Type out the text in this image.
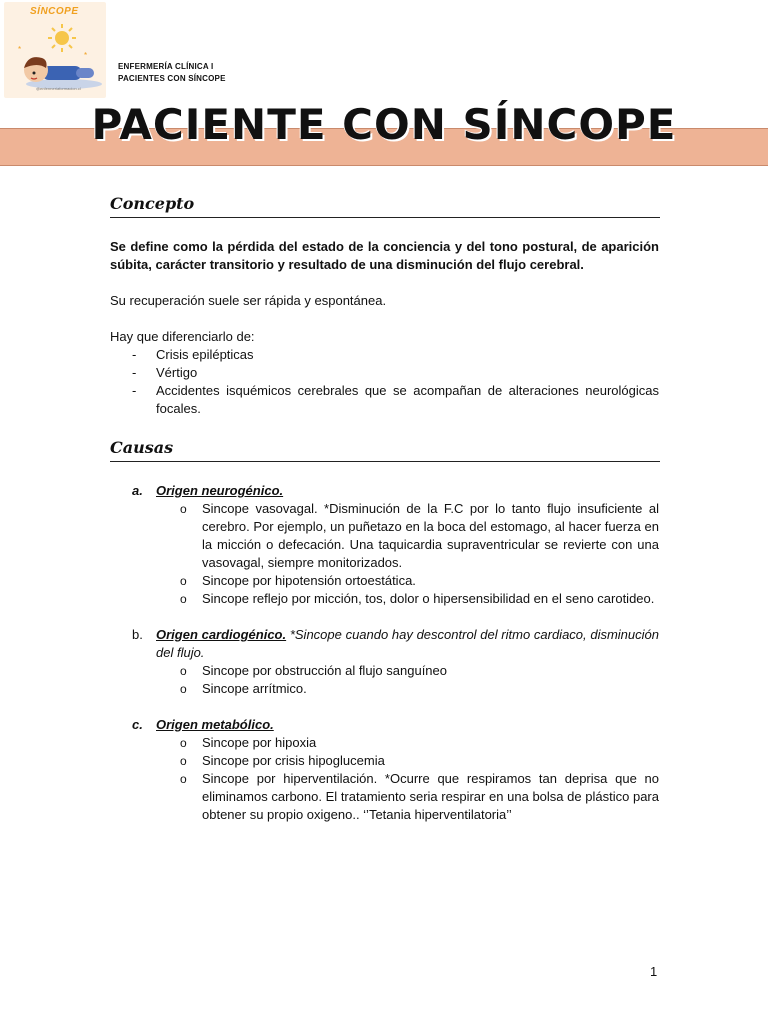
*
*
SÍNCOPE
@enfermeriaformacion.cl
ENFERMERÍA CLÍNICA I
PACIENTES CON SÍNCOPE
PACIENTE CON SÍNCOPE
Concepto

Se define como la pérdida del estado de la conciencia y del tono postural, de aparición súbita, carácter transitorio y resultado de una disminución del flujo cerebral.

Su recuperación suele ser rápida y espontánea.

Hay que diferenciarlo de:

- Crisis epilépticas
- Vértigo
- Accidentes isquémicos cerebrales que se acompañan de alteraciones neurológicas focales.
Causas
a. Origen neurogénico.
o Sincope vasovagal. *Disminución de la F.C por lo tanto flujo insuficiente al cerebro. Por ejemplo, un puñetazo en la boca del estomago, al hacer fuerza en la micción o defecación. Una taquicardia supraventricular se revierte con una vasovagal, siempre monitorizados.
o Sincope por hipotensión ortoestática.
o Sincope reflejo por micción, tos, dolor o hipersensibilidad en el seno carotideo.
b. Origen cardiogénico. *Sincope cuando hay descontrol del ritmo cardiaco, disminución del flujo.
o Sincope por obstrucción al flujo sanguíneo
o Sincope arrítmico.
c. Origen metabólico.
o Sincope por hipoxia
o Sincope por crisis hipoglucemia
o Sincope por hiperventilación. *Ocurre que respiramos tan deprisa que no eliminamos carbono. El tratamiento seria respirar en una bolsa de plástico para obtener su propio oxigeno.. ‘’Tetania hiperventilatoria’’
1
